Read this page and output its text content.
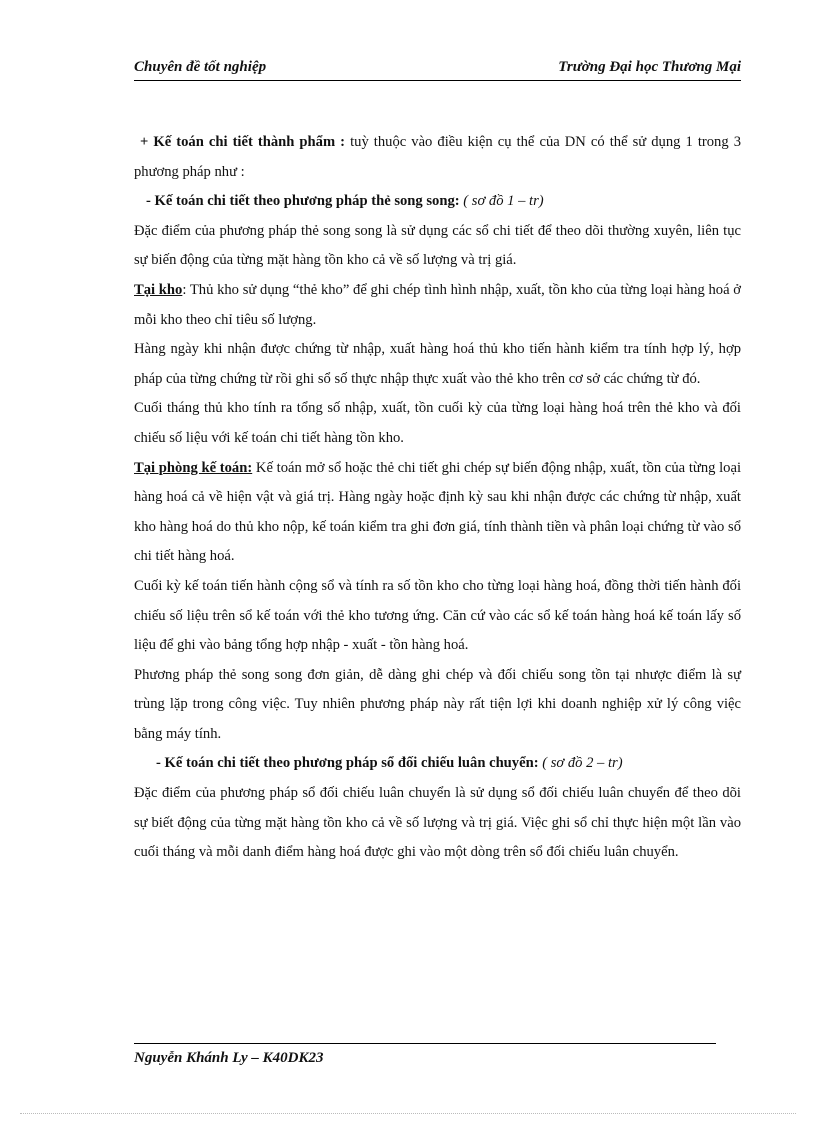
Chuyên đề tốt nghiệp	Trường Đại học Thương Mại

+ Kế toán chi tiết thành phẩm : tuỳ thuộc vào điều kiện cụ thể của DN có thể sử dụng 1 trong 3 phương pháp như :

- Kế toán chi tiết theo phương pháp thẻ song song: ( sơ đồ 1 – tr)

Đặc điểm của phương pháp thẻ song song là sử dụng các sổ chi tiết để theo dõi thường xuyên, liên tục sự biến động của từng mặt hàng tồn kho cả về số lượng và trị giá.

Tại kho: Thủ kho sử dụng “thẻ kho” để ghi chép tình hình nhập, xuất, tồn kho của từng loại hàng hoá ở mỗi kho theo chỉ tiêu số lượng.

Hàng ngày khi nhận được chứng từ nhập, xuất hàng hoá thủ kho tiến hành kiểm tra tính hợp lý, hợp pháp của từng chứng từ rồi ghi sổ số thực nhập thực xuất vào thẻ kho trên cơ sở các chứng từ đó.

Cuối tháng thủ kho tính ra tổng số nhập, xuất, tồn cuối kỳ của từng loại hàng hoá trên thẻ kho và đối chiếu số liệu với kế toán chi tiết hàng tồn kho.

Tại phòng kế toán: Kế toán mở sổ hoặc thẻ chi tiết ghi chép sự biến động nhập, xuất, tồn của từng loại hàng hoá cả về hiện vật và giá trị. Hàng ngày hoặc định kỳ sau khi nhận được các chứng từ nhập, xuất kho hàng hoá do thủ kho nộp, kế toán kiểm tra ghi đơn giá, tính thành tiền và phân loại chứng từ vào sổ chi tiết hàng hoá.

Cuối kỳ kế toán tiến hành cộng sổ và tính ra số tồn kho cho từng loại hàng hoá, đồng thời tiến hành đối chiếu số liệu trên sổ kế toán với thẻ kho tương ứng. Căn cứ vào các sổ kế toán hàng hoá kế toán lấy số liệu để ghi vào bảng tổng hợp nhập - xuất - tồn hàng hoá.

Phương pháp thẻ song song đơn giản, dễ dàng ghi chép và đối chiếu song tồn tại nhược điểm là sự trùng lặp trong công việc. Tuy nhiên phương pháp này rất tiện lợi khi doanh nghiệp xử lý công việc bằng máy tính.

- Kế toán chi tiết theo phương pháp sổ đối chiếu luân chuyển: ( sơ đồ 2 – tr)

Đặc điểm của phương pháp sổ đối chiếu luân chuyển là sử dụng sổ đối chiếu luân chuyển để theo dõi sự biết động của từng mặt hàng tồn kho cả về số lượng và trị giá. Việc ghi sổ chỉ thực hiện một lần vào cuối tháng và mỗi danh điểm hàng hoá được ghi vào một dòng trên sổ đối chiếu luân chuyển.

Nguyễn Khánh Ly – K40DK23
